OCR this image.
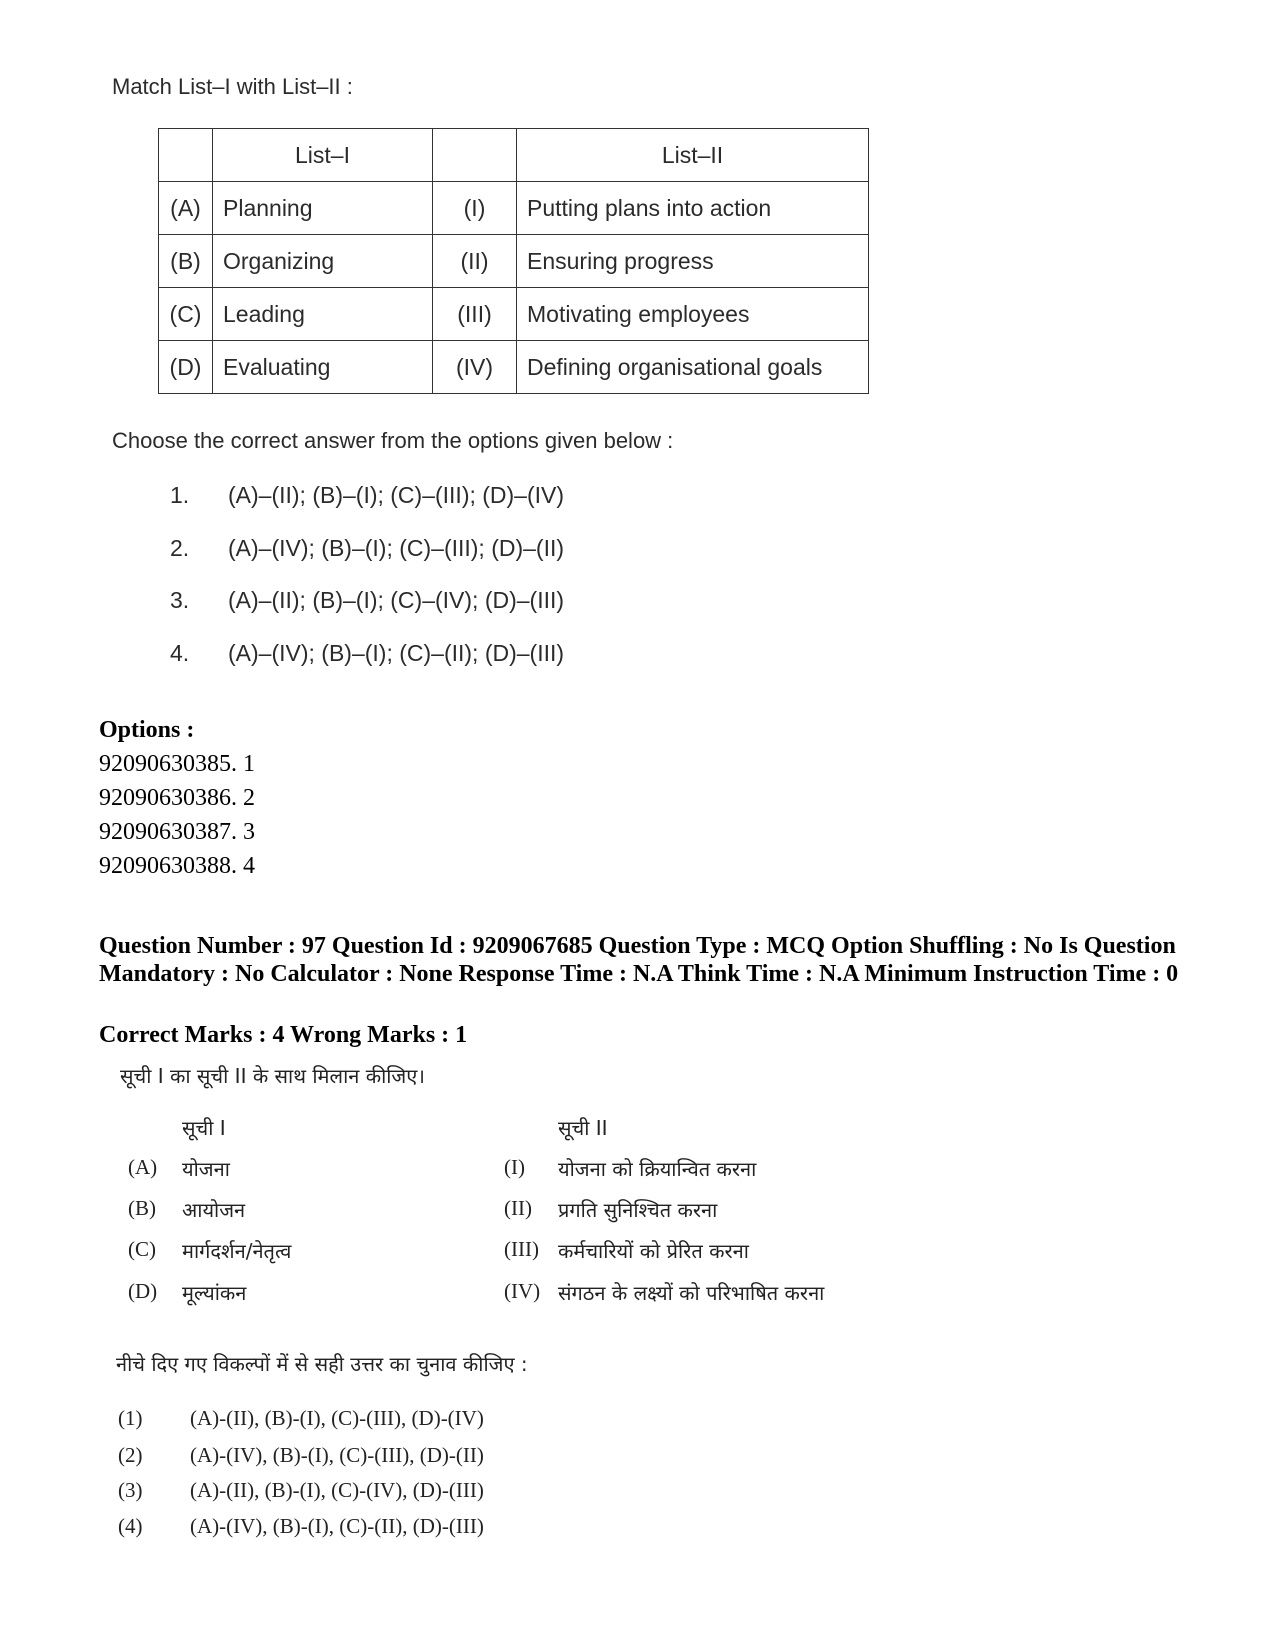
Match List–I with List–II :
	List–I		List–II
(A)	Planning	(I)	Putting plans into action
(B)	Organizing	(II)	Ensuring progress
(C)	Leading	(III)	Motivating employees
(D)	Evaluating	(IV)	Defining organisational goals
Choose the correct answer from the options given below :
1. (A)–(II); (B)–(I); (C)–(III); (D)–(IV)
2. (A)–(IV); (B)–(I); (C)–(III); (D)–(II)
3. (A)–(II); (B)–(I); (C)–(IV); (D)–(III)
4. (A)–(IV); (B)–(I); (C)–(II); (D)–(III)
Options :
92090630385. 1
92090630386. 2
92090630387. 3
92090630388. 4
Question Number : 97 Question Id : 9209067685 Question Type : MCQ Option Shuffling : No Is Question Mandatory : No Calculator : None Response Time : N.A Think Time : N.A Minimum Instruction Time : 0
Correct Marks : 4 Wrong Marks : 1
सूची I का सूची II के साथ मिलान कीजिए।
सूची I	सूची II
(A) योजना	(I) योजना को क्रियान्वित करना
(B) आयोजन	(II) प्रगति सुनिश्चित करना
(C) मार्गदर्शन/नेतृत्व	(III) कर्मचारियों को प्रेरित करना
(D) मूल्यांकन	(IV) संगठन के लक्ष्यों को परिभाषित करना
नीचे दिए गए विकल्पों में से सही उत्तर का चुनाव कीजिए :
(1) (A)-(II), (B)-(I), (C)-(III), (D)-(IV)
(2) (A)-(IV), (B)-(I), (C)-(III), (D)-(II)
(3) (A)-(II), (B)-(I), (C)-(IV), (D)-(III)
(4) (A)-(IV), (B)-(I), (C)-(II), (D)-(III)
